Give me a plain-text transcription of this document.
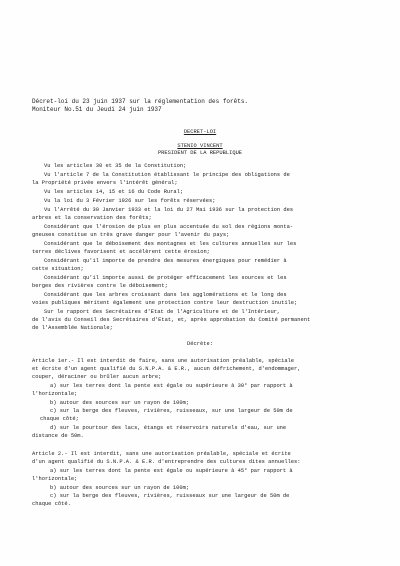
Décret-loi du 23 juin 1937 sur la réglementation des forêts.
Moniteur No.51 du Jeudi 24 juin 1937
DECRET-LOI
STENIO VINCENT
PRESIDENT DE LA REPUBLIQUE
Vu les articles 30 et 35 de la Constitution;
Vu l'article 7 de la Constitution établissant le principe des obligations de
la Propriété privée envers l'intérêt général;
Vu les articles 14, 15 et 16 du Code Rural;
Vu la loi du 3 Février 1926 sur les forêts réservées;
Vu l'Arrêté du 30 Janvier 1933 et la loi du 27 Mai 1936 sur la protection des
arbres et la conservation des forêts;
Considérant que l'érosion de plus en plus accentuée du sol des régions monta-
gneuses constitue un très grave danger pour l'avenir du pays;
Considérant que le déboisement des montagnes et les cultures annuelles sur les
terres déclives favorisent et accélèrent cette érosion;
Considérant qu'il importe de prendre des mesures énergiques pour remédier à
cette situation;
Considérant qu'il importe aussi de protéger efficacement les sources et les
berges des rivières contre le déboisement;
Considérant que les arbres croissant dans les agglomérations et le long des
voies publiques méritent également une protection contre leur destruction inutile;
Sur le rapport des Secrétaires d'Etat de l'Agriculture et de l'Intérieur,
de l'avis du Conseil des Secrétaires d'Etat, et, après approbation du Comité permanent
de l'Assemblée Nationale;
Décrète:
Article 1er.- Il est interdit de faire, sans une autorisation préalable, spéciale
et écrite d'un agent qualifié du S.N.P.A. & E.R., aucun défrichement, d'endommager,
couper, déraciner ou brûler aucun arbre;
a) sur les terres dont la pente est égale ou supérieure à 30° par rapport à
l'horizontale;
b) autour des sources sur un rayon de 100m;
c) sur la berge des fleuves, rivières, ruisseaux, sur une largeur de 50m de
chaque côté;
d) sur le pourtour des lacs, étangs et réservoirs naturels d'eau, sur une
distance de 50m.
Article 2.- Il est interdit, sans une autorisation préalable, spéciale et écrite
d'un agent qualifié du S.N.P.A. & E.R. d'entreprendre des cultures dites annuelles:
a) sur les terres dont la pente est égale ou supérieure à 45° par rapport à
l'horizontale;
b) autour des sources sur un rayon de 100m;
c) sur la berge des fleuves, rivières, ruisseaux sur une largeur de 50m de
chaque côté.
